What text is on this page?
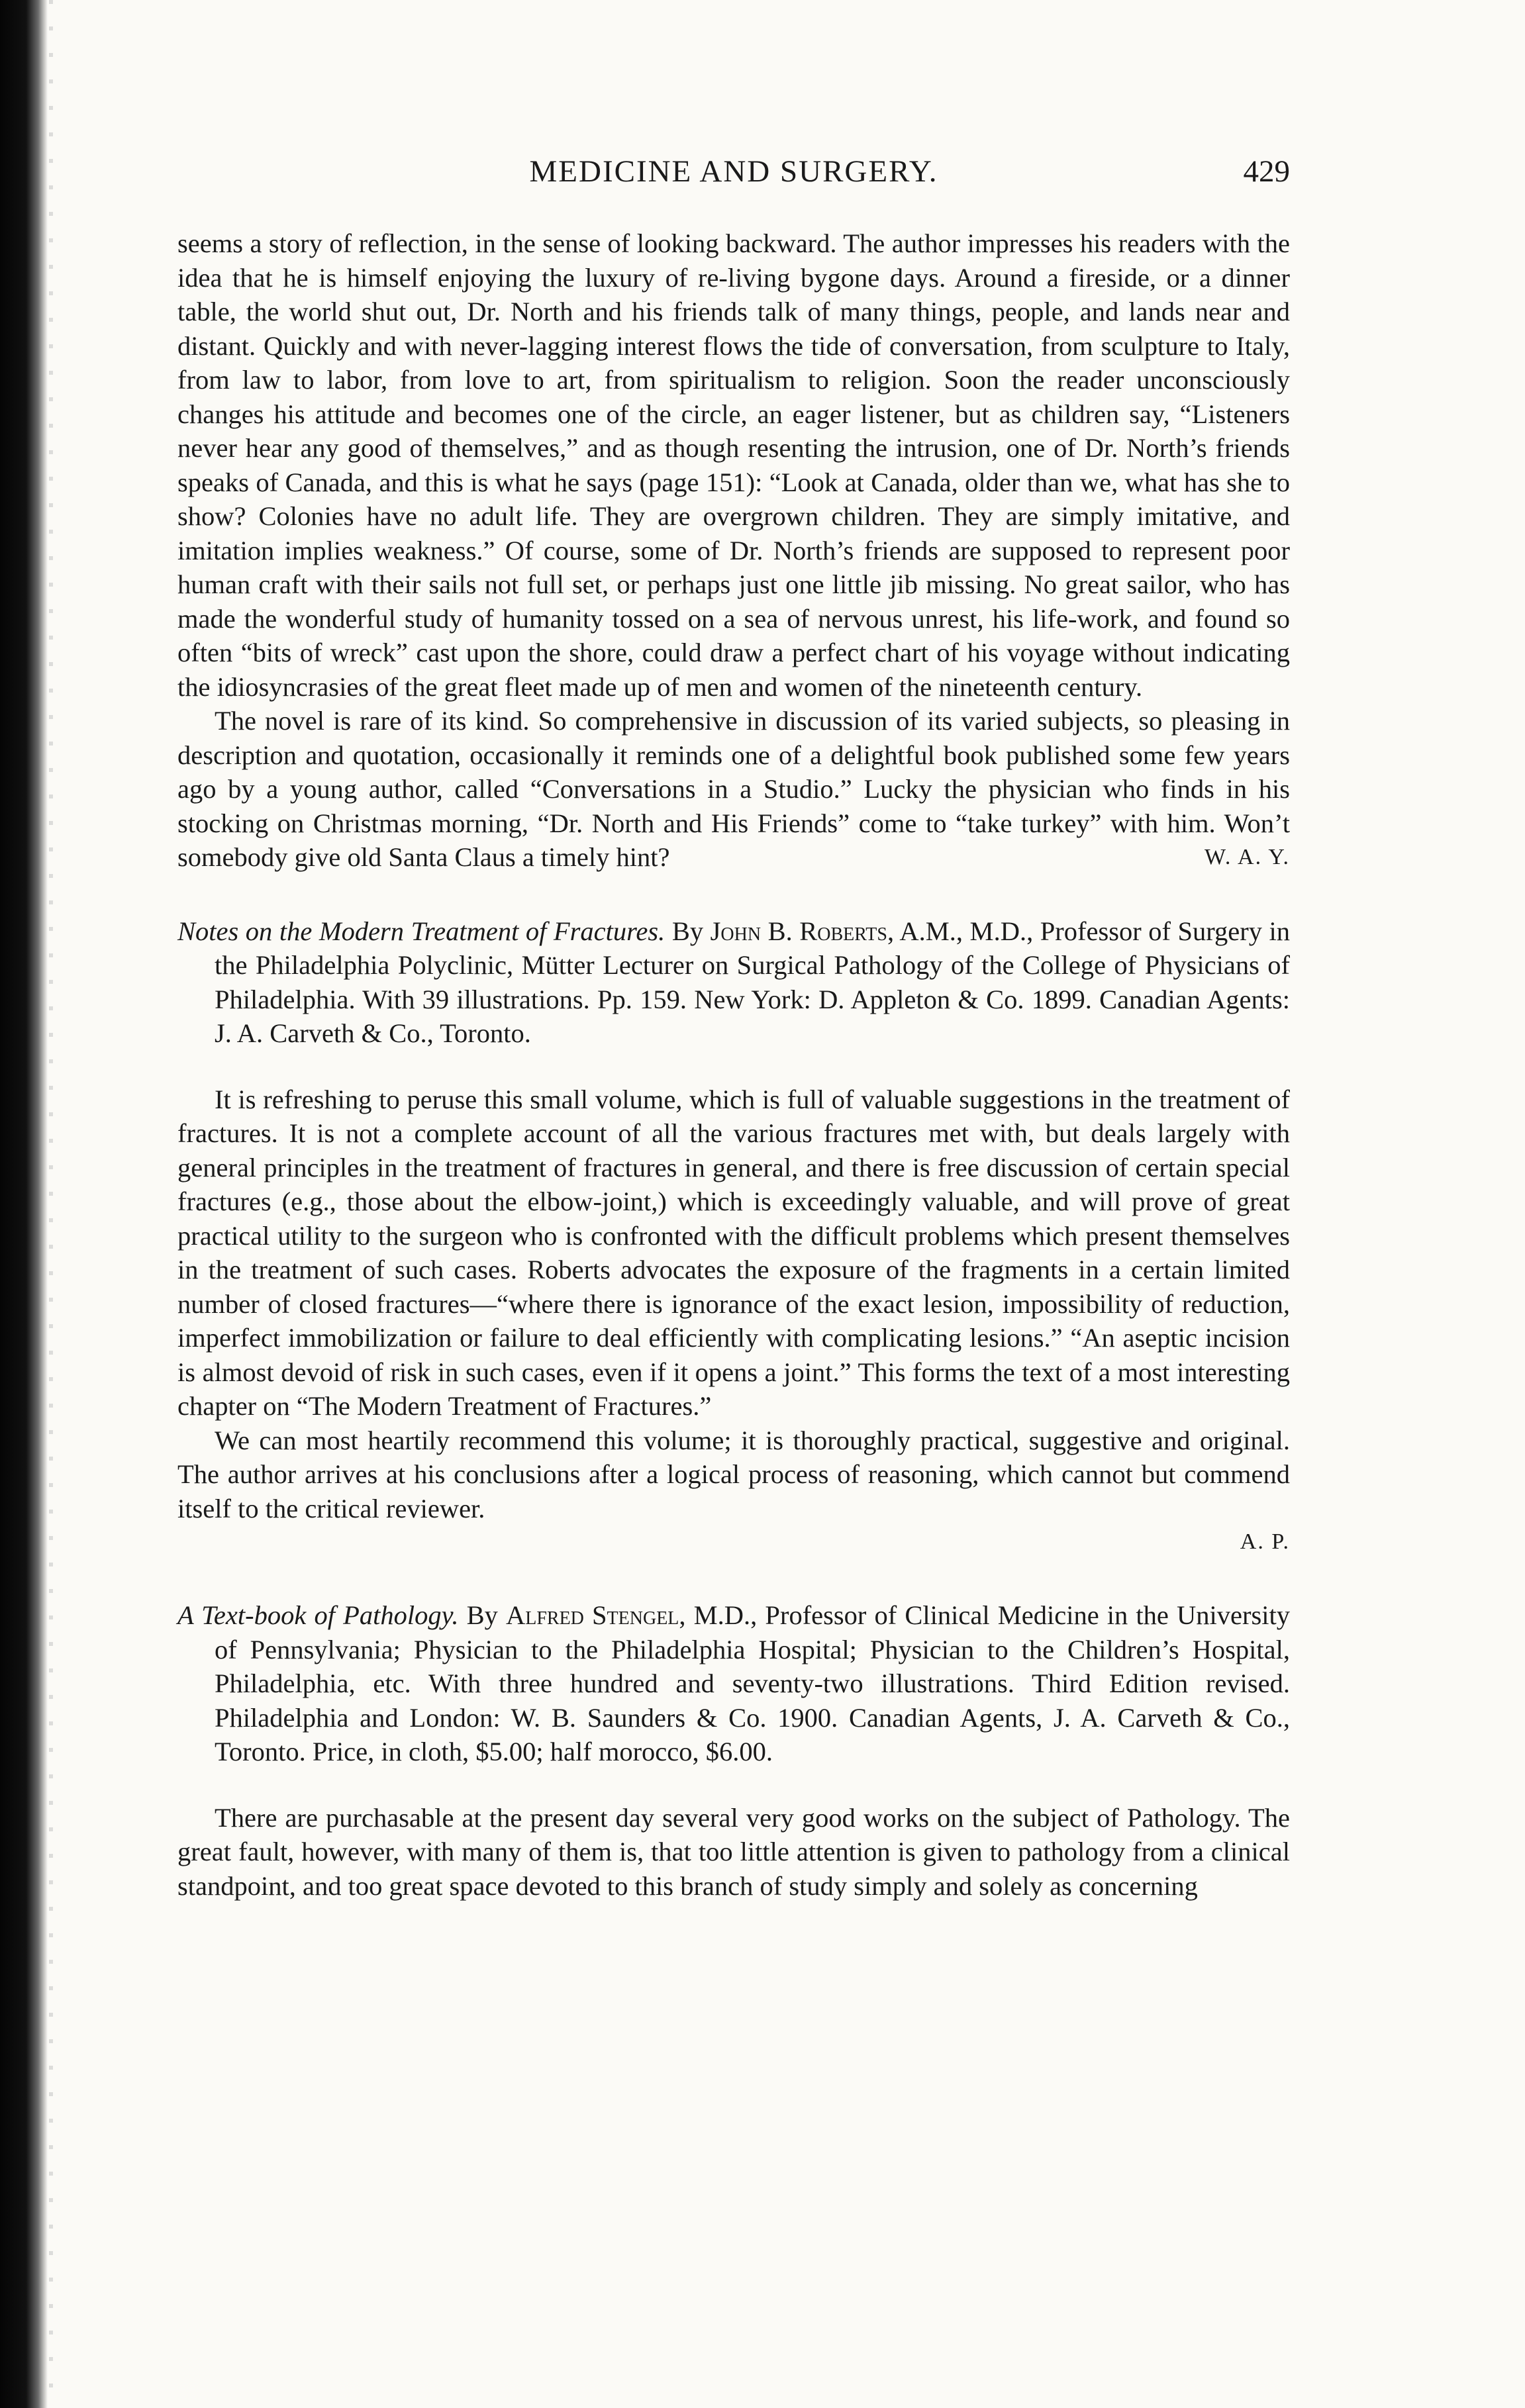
MEDICINE AND SURGERY.	429

seems a story of reflection, in the sense of looking backward. The author impresses his readers with the idea that he is himself enjoying the luxury of re-living bygone days. Around a fireside, or a dinner table, the world shut out, Dr. North and his friends talk of many things, people, and lands near and distant. Quickly and with never-lagging interest flows the tide of conversation, from sculpture to Italy, from law to labor, from love to art, from spiritualism to religion. Soon the reader unconsciously changes his attitude and becomes one of the circle, an eager listener, but as children say, “Listeners never hear any good of themselves,” and as though resenting the intrusion, one of Dr. North’s friends speaks of Canada, and this is what he says (page 151): “Look at Canada, older than we, what has she to show? Colonies have no adult life. They are overgrown children. They are simply imitative, and imitation implies weakness.” Of course, some of Dr. North’s friends are supposed to represent poor human craft with their sails not full set, or perhaps just one little jib missing. No great sailor, who has made the wonderful study of humanity tossed on a sea of nervous unrest, his life-work, and found so often “bits of wreck” cast upon the shore, could draw a perfect chart of his voyage without indicating the idiosyncrasies of the great fleet made up of men and women of the nineteenth century.

The novel is rare of its kind. So comprehensive in discussion of its varied subjects, so pleasing in description and quotation, occasionally it reminds one of a delightful book published some few years ago by a young author, called “Conversations in a Studio.” Lucky the physician who finds in his stocking on Christmas morning, “Dr. North and His Friends” come to “take turkey” with him. Won’t somebody give old Santa Claus a timely hint?	W. A. Y.

Notes on the Modern Treatment of Fractures. By John B. Roberts, A.M., M.D., Professor of Surgery in the Philadelphia Polyclinic, Mütter Lecturer on Surgical Pathology of the College of Physicians of Philadelphia. With 39 illustrations. Pp. 159. New York: D. Appleton & Co. 1899. Canadian Agents: J. A. Carveth & Co., Toronto.

It is refreshing to peruse this small volume, which is full of valuable suggestions in the treatment of fractures. It is not a complete account of all the various fractures met with, but deals largely with general principles in the treatment of fractures in general, and there is free discussion of certain special fractures (e.g., those about the elbow-joint,) which is exceedingly valuable, and will prove of great practical utility to the surgeon who is confronted with the difficult problems which present themselves in the treatment of such cases. Roberts advocates the exposure of the fragments in a certain limited number of closed fractures—“where there is ignorance of the exact lesion, impossibility of reduction, imperfect immobilization or failure to deal efficiently with complicating lesions.” “An aseptic incision is almost devoid of risk in such cases, even if it opens a joint.” This forms the text of a most interesting chapter on “The Modern Treatment of Fractures.”

We can most heartily recommend this volume; it is thoroughly practical, suggestive and original. The author arrives at his conclusions after a logical process of reasoning, which cannot but commend itself to the critical reviewer.

A. P.

A Text-book of Pathology. By Alfred Stengel, M.D., Professor of Clinical Medicine in the University of Pennsylvania; Physician to the Philadelphia Hospital; Physician to the Children’s Hospital, Philadelphia, etc. With three hundred and seventy-two illustrations. Third Edition revised. Philadelphia and London: W. B. Saunders & Co. 1900. Canadian Agents, J. A. Carveth & Co., Toronto. Price, in cloth, $5.00; half morocco, $6.00.

There are purchasable at the present day several very good works on the subject of Pathology. The great fault, however, with many of them is, that too little attention is given to pathology from a clinical standpoint, and too great space devoted to this branch of study simply and solely as concerning
